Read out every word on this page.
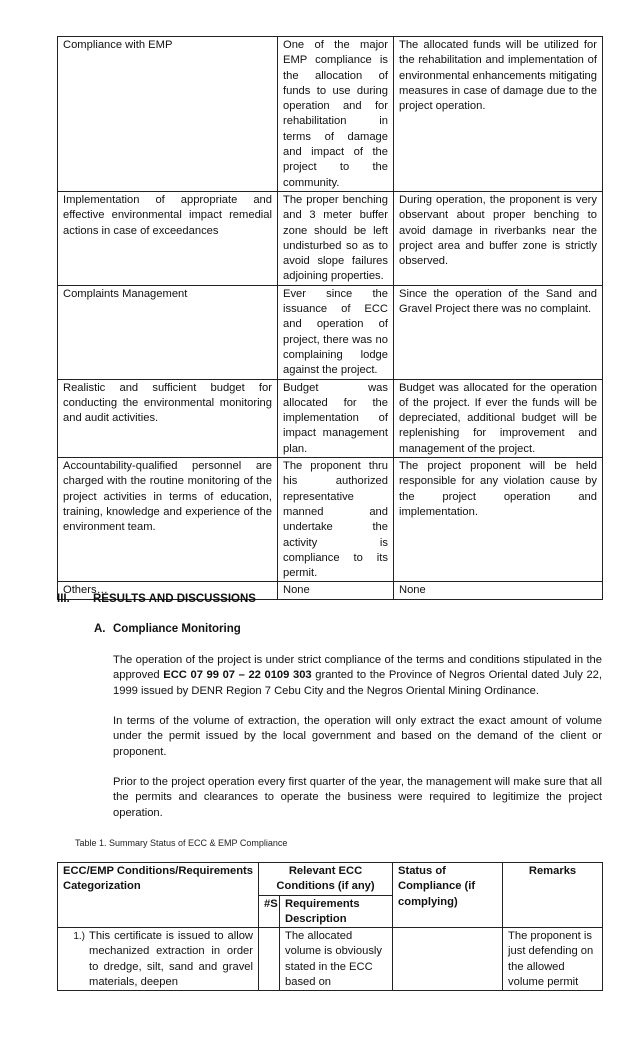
Compliance with EMP	One of the major EMP compliance is the allocation of funds to use during operation and for rehabilitation in terms of damage and impact of the project to the community.	The allocated funds will be utilized for the rehabilitation and implementation of environmental enhancements mitigating measures in case of damage due to the project operation.
Implementation of appropriate and effective environmental impact remedial actions in case of exceedances	The proper benching and 3 meter buffer zone should be left undisturbed so as to avoid slope failures adjoining properties.	During operation, the proponent is very observant about proper benching to avoid damage in riverbanks near the project area and buffer zone is strictly observed.
Complaints Management	Ever since the issuance of ECC and operation of project, there was no complaining lodge against the project.	Since the operation of the Sand and Gravel Project there was no complaint.
Realistic and sufficient budget for conducting the environmental monitoring and audit activities.	Budget was allocated for the implementation of impact management plan.	Budget was allocated for the operation of the project. If ever the funds will be depreciated, additional budget will be replenishing for improvement and management of the project.
Accountability-qualified personnel are charged with the routine monitoring of the project activities in terms of education, training, knowledge and experience of the environment team.	The proponent thru his authorized representative manned and undertake the activity is compliance to its permit.	The project proponent will be held responsible for any violation cause by the project operation and implementation.
Others…	None	None
III. RESULTS AND DISCUSSIONS
A. Compliance Monitoring

The operation of the project is under strict compliance of the terms and conditions stipulated in the approved ECC 07 99 07 – 22 0109 303 granted to the Province of Negros Oriental dated July 22, 1999 issued by DENR Region 7 Cebu City and the Negros Oriental Mining Ordinance.

In terms of the volume of extraction, the operation will only extract the exact amount of volume under the permit issued by the local government and based on the demand of the client or proponent.

Prior to the project operation every first quarter of the year, the management will make sure that all the permits and clearances to operate the business were required to legitimize the project operation.

Table 1. Summary Status of ECC & EMP Compliance
ECC/EMP Conditions/Requirements Categorization	Relevant ECC Conditions (if any)		Status of Compliance (if complying)	Remarks
	#S	Requirements Description		

1.) This certificate is issued to allow mechanized extraction in order to dredge, silt, sand and gravel materials, deepen		The allocated volume is obviously stated in the ECC based on		The proponent is just defending on the allowed volume permit
